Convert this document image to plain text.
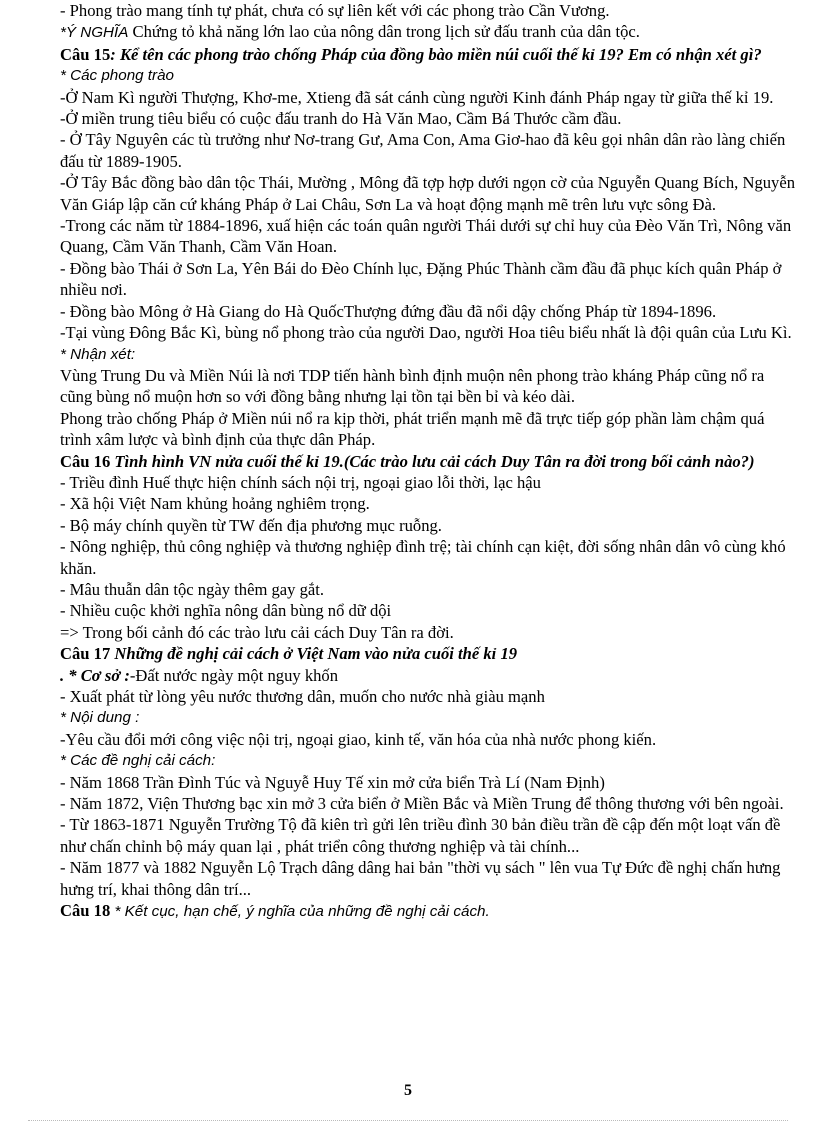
- Phong trào mang tính tự phát, chưa có sự liên kết với các phong trào Cần Vương.
*Ý NGHĨA Chứng tỏ khả năng lớn lao của nông dân trong lịch sử đấu tranh của dân tộc.
Câu 15: Kể tên các phong trào chống Pháp của đồng bào miền núi cuối thế kỉ 19? Em có nhận xét gì?
* Các phong trào
-Ở Nam Kì người Thượng, Khơ-me, Xtieng đã sát cánh cùng người Kinh đánh Pháp ngay từ giữa thế kỉ 19.
-Ở miền trung tiêu biểu có cuộc đấu tranh do Hà Văn Mao, Cầm Bá Thước cầm đầu.
- Ở Tây Nguyên các tù trưởng như Nơ-trang Gư, Ama Con, Ama Giơ-hao đã kêu gọi nhân dân rào làng chiến đấu từ 1889-1905.
-Ở Tây Bắc đồng bào dân tộc Thái, Mường , Mông đã tợp hợp dưới ngọn cờ của Nguyễn Quang Bích, Nguyễn Văn Giáp lập căn cứ kháng Pháp ở Lai Châu, Sơn La và hoạt động mạnh mẽ trên lưu vực sông Đà.
-Trong các năm từ 1884-1896, xuấ hiện các toán quân người Thái dưới sự chỉ huy của Đèo Văn Trì, Nông văn Quang, Cầm Văn Thanh, Cầm Văn Hoan.
- Đồng bào Thái ở Sơn La, Yên Bái do Đèo Chính lục, Đặng Phúc Thành cầm đầu đã phục kích quân Pháp ở nhiều nơi.
- Đồng bào Mông ở Hà Giang do Hà QuốcThượng đứng đầu đã nổi dậy chống Pháp từ 1894-1896.
-Tại vùng Đông Bắc Kì, bùng nổ phong trào của người Dao, người Hoa tiêu biểu nhất là đội quân của Lưu Kì.
* Nhận xét:
Vùng Trung Du và Miền Núi là nơi TDP tiến hành bình định muộn nên phong trào kháng Pháp cũng nổ ra cũng bùng nổ muộn hơn so với đồng bằng nhưng lại tồn tại bền bỉ và kéo dài.
Phong trào chống Pháp ở Miền núi nổ ra kịp thời, phát triển mạnh mẽ đã trực tiếp góp phần làm chậm quá trình xâm lược và bình định của thực dân Pháp.
Câu 16 Tình hình VN nửa cuối thế kỉ 19.(Các trào lưu cải cách Duy Tân ra đời trong bối cảnh nào?)
- Triều đình Huế thực hiện chính sách nội trị, ngoại giao lỗi thời, lạc hậu
- Xã hội Việt Nam khủng hoảng nghiêm trọng.
- Bộ máy chính quyền từ TW đến địa phương mục ruỗng.
- Nông nghiệp, thủ công nghiệp và thương nghiệp đình trệ; tài chính cạn kiệt, đời sống nhân dân vô cùng khó khăn.
- Mâu thuẫn dân tộc ngày thêm gay gắt.
- Nhiều cuộc khởi nghĩa nông dân bùng nổ dữ dội
=> Trong bối cảnh đó các trào lưu cải cách Duy Tân ra đời.
Câu 17 Những đề nghị cải cách ở Việt Nam vào nửa cuối thế kỉ 19
. * Cơ sở :-Đất nước ngày một nguy khốn
- Xuất phát từ lòng yêu nước thương dân, muốn cho nước nhà giàu mạnh
* Nội dung :
-Yêu cầu đổi mới công việc nội trị, ngoại giao, kinh tế, văn hóa của nhà nước phong kiến.
* Các đề nghị cải cách:
- Năm 1868 Trần Đình Túc và Nguyễ Huy Tế xin mở cửa biển Trà Lí (Nam Định)
- Năm 1872, Viện Thương bạc xin mở 3 cửa biển ở Miền Bắc và Miền Trung để thông thương với bên ngoài.
- Từ 1863-1871 Nguyễn Trường Tộ đã kiên trì gửi lên triều đình 30 bản điều trần đề cập đến một loạt vấn đề như chấn chỉnh bộ máy quan lại , phát triển công thương nghiệp và tài chính...
- Năm 1877 và 1882 Nguyễn Lộ Trạch dâng dâng hai bản "thời vụ sách " lên vua Tự Đức đề nghị chấn hưng hưng trí, khai thông dân trí...
Câu 18 * Kết cục, hạn chế, ý nghĩa của những đề nghị cải cách.
5
